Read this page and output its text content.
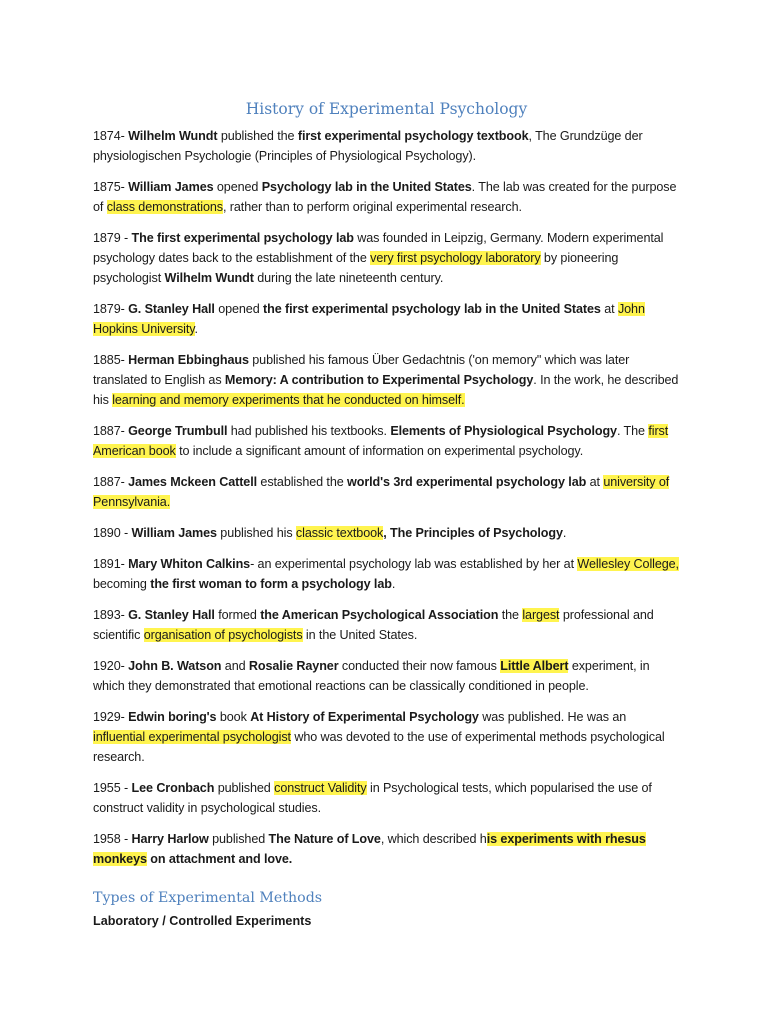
History of Experimental Psychology

1874- Wilhelm Wundt published the first experimental psychology textbook, The Grundzüge der physiologischen Psychologie (Principles of Physiological Psychology).

1875- William James opened Psychology lab in the United States. The lab was created for the purpose of class demonstrations, rather than to perform original experimental research.

1879 - The first experimental psychology lab was founded in Leipzig, Germany. Modern experimental psychology dates back to the establishment of the very first psychology laboratory by pioneering psychologist Wilhelm Wundt during the late nineteenth century.

1879- G. Stanley Hall opened the first experimental psychology lab in the United States at John Hopkins University.

1885- Herman Ebbinghaus published his famous Über Gedachtnis ('on memory" which was later translated to English as Memory: A contribution to Experimental Psychology. In the work, he described his learning and memory experiments that he conducted on himself.

1887- George Trumbull had published his textbooks. Elements of Physiological Psychology. The first American book to include a significant amount of information on experimental psychology.

1887- James Mckeen Cattell established the world's 3rd experimental psychology lab at university of Pennsylvania.

1890 - William James published his classic textbook, The Principles of Psychology.

1891- Mary Whiton Calkins- an experimental psychology lab was established by her at Wellesley College, becoming the first woman to form a psychology lab.

1893- G. Stanley Hall formed the American Psychological Association the largest professional and scientific organisation of psychologists in the United States.

1920- John B. Watson and Rosalie Rayner conducted their now famous Little Albert experiment, in which they demonstrated that emotional reactions can be classically conditioned in people.

1929- Edwin boring's book At History of Experimental Psychology was published. He was an influential experimental psychologist who was devoted to the use of experimental methods psychological research.

1955 - Lee Cronbach published construct Validity in Psychological tests, which popularised the use of construct validity in psychological studies.

1958 - Harry Harlow published The Nature of Love, which described his experiments with rhesus monkeys on attachment and love.

Types of Experimental Methods

Laboratory / Controlled Experiments
